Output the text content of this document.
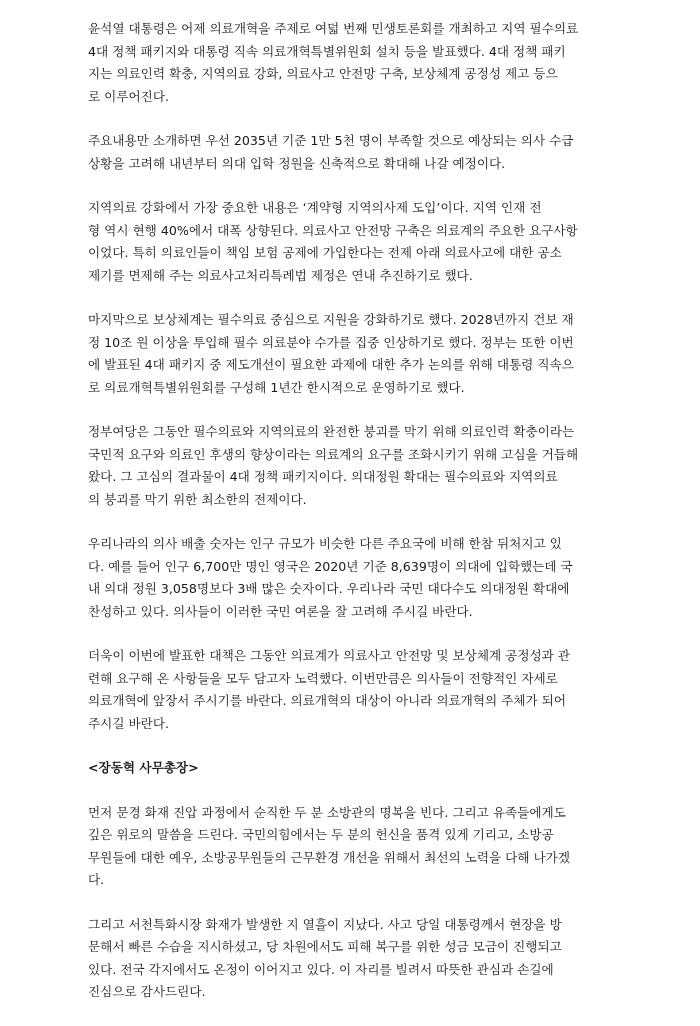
윤석열 대통령은 어제 의료개혁을 주제로 여덟 번째 민생토론회를 개최하고 지역 필수의료
4대 정책 패키지와 대통령 직속 의료개혁특별위원회 설치 등을 발표했다. 4대 정책 패키
지는 의료인력 확충, 지역의료 강화, 의료사고 안전망 구축, 보상체계 공정성 제고 등으
로 이루어진다.
주요내용만 소개하면 우선 2035년 기준 1만 5천 명이 부족할 것으로 예상되는 의사 수급
상황을 고려해 내년부터 의대 입학 정원을 신축적으로 확대해 나갈 예정이다.
지역의료 강화에서 가장 중요한 내용은 ‘계약형 지역의사제 도입’이다. 지역 인재 전
형 역시 현행 40%에서 대폭 상향된다. 의료사고 안전망 구축은 의료계의 주요한 요구사항
이었다. 특히 의료인들이 책임 보험 공제에 가입한다는 전제 아래 의료사고에 대한 공소
제기를 면제해 주는 의료사고처리특례법 제정은 연내 추진하기로 했다.
마지막으로 보상체계는 필수의료 중심으로 지원을 강화하기로 했다. 2028년까지 건보 재
정 10조 원 이상을 투입해 필수 의료분야 수가를 집중 인상하기로 했다. 정부는 또한 이번
에 발표된 4대 패키지 중 제도개선이 필요한 과제에 대한 추가 논의를 위해 대통령 직속으
로 의료개혁특별위원회를 구성해 1년간 한시적으로 운영하기로 했다.
정부여당은 그동안 필수의료와 지역의료의 완전한 붕괴를 막기 위해 의료인력 확충이라는
국민적 요구와 의료인 후생의 향상이라는 의료계의 요구를 조화시키기 위해 고심을 거듭해
왔다. 그 고심의 결과물이 4대 정책 패키지이다. 의대정원 확대는 필수의료와 지역의료
의 붕괴를 막기 위한 최소한의 전제이다.
우리나라의 의사 배출 숫자는 인구 규모가 비슷한 다른 주요국에 비해 한참 뒤처지고 있
다. 예를 들어 인구 6,700만 명인 영국은 2020년 기준 8,639명이 의대에 입학했는데 국
내 의대 정원 3,058명보다 3배 많은 숫자이다. 우리나라 국민 대다수도 의대정원 확대에
찬성하고 있다. 의사들이 이러한 국민 여론을 잘 고려해 주시길 바란다.
더욱이 이번에 발표한 대책은 그동안 의료계가 의료사고 안전망 및 보상체계 공정성과 관
련해 요구해 온 사항들을 모두 담고자 노력했다. 이번만큼은 의사들이 전향적인 자세로
의료개혁에 앞장서 주시기를 바란다. 의료개혁의 대상이 아니라 의료개혁의 주체가 되어
주시길 바란다.
<장동혁 사무총장>
먼저 문경 화재 진압 과정에서 순직한 두 분 소방관의 명복을 빈다. 그리고 유족들에게도
깊은 위로의 말씀을 드린다. 국민의힘에서는 두 분의 헌신을 품격 있게 기리고, 소방공
무원들에 대한 예우, 소방공무원들의 근무환경 개선을 위해서 최선의 노력을 다해 나가겠
다.
그리고 서천특화시장 화재가 발생한 지 열흘이 지났다. 사고 당일 대통령께서 현장을 방
문해서 빠른 수습을 지시하셨고, 당 차원에서도 피해 복구를 위한 성금 모금이 진행되고
있다. 전국 각지에서도 온정이 이어지고 있다. 이 자리를 빌려서 따뜻한 관심과 손길에
진심으로 감사드린다.
